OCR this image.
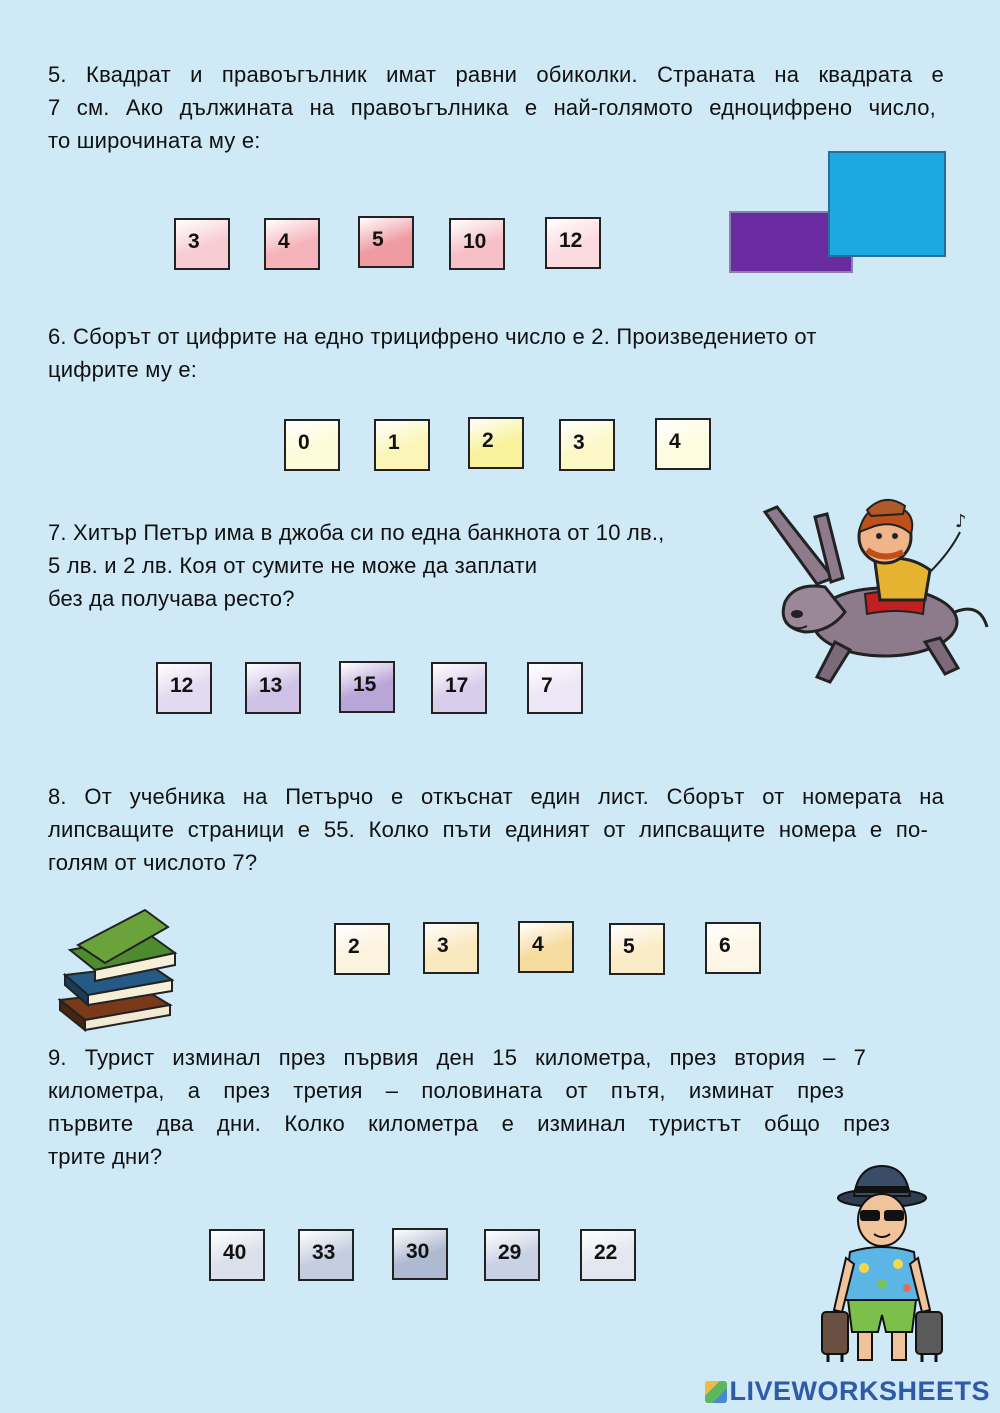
5. Квадрат и правоъгълник имат равни обиколки. Страната на квадрата е
7 см. Ако дължината на правоъгълника е най-голямото едноцифрено число,
то широчината му е:
3	4	5	10	12
6. Сборът от цифрите на едно трицифрено число е 2. Произведението от
цифрите му е:
0	1	2	3	4
7. Хитър Петър има в джоба си по една банкнота от 10 лв.,
5 лв. и 2 лв. Коя от сумите не може да заплати
без да получава ресто?
♪
12	13	15	17	7
8. От учебника на Петърчо е откъснат един лист. Сборът от номерата на
липсващите страници е 55. Колко пъти единият от липсващите номера е по-
голям от числото 7?
2	3	4	5	6
9. Турист изминал през първия ден 15 километра, през втория – 7
километра, а през третия – половината от пътя, изминат през
първите два дни. Колко километра е изминал туристът общо през
трите дни?
40	33	30	29	22
LIVEWORKSHEETS
